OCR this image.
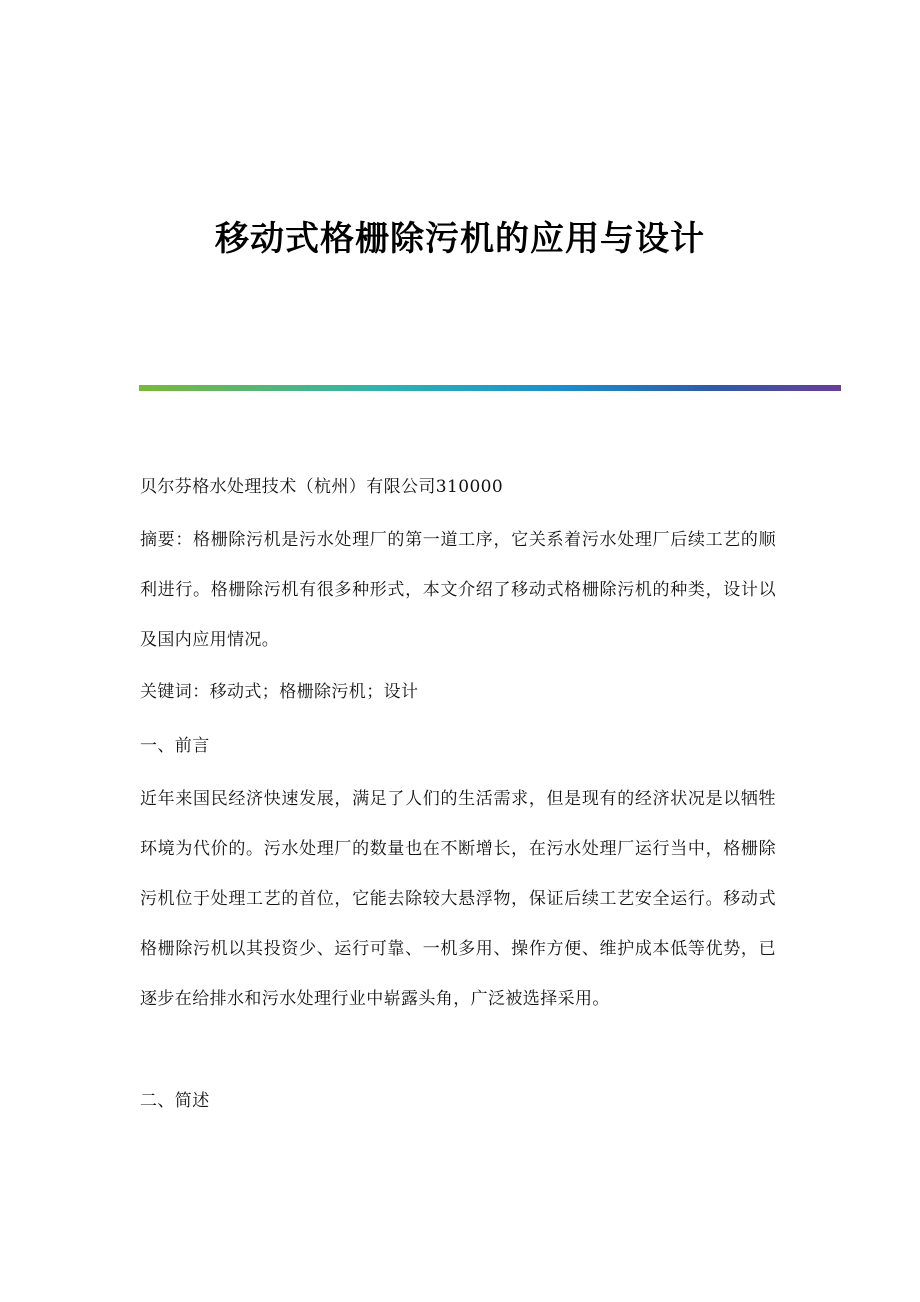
移动式格栅除污机的应用与设计

贝尔芬格水处理技术（杭州）有限公司310000

摘要：格栅除污机是污水处理厂的第一道工序，它关系着污水处理厂后续工艺的顺利进行。格栅除污机有很多种形式，本文介绍了移动式格栅除污机的种类，设计以及国内应用情况。

关键词：移动式；格栅除污机；设计

一、前言

近年来国民经济快速发展，满足了人们的生活需求，但是现有的经济状况是以牺牲环境为代价的。污水处理厂的数量也在不断增长，在污水处理厂运行当中，格栅除污机位于处理工艺的首位，它能去除较大悬浮物，保证后续工艺安全运行。移动式格栅除污机以其投资少、运行可靠、一机多用、操作方便、维护成本低等优势，已逐步在给排水和污水处理行业中崭露头角，广泛被选择采用。

二、简述
